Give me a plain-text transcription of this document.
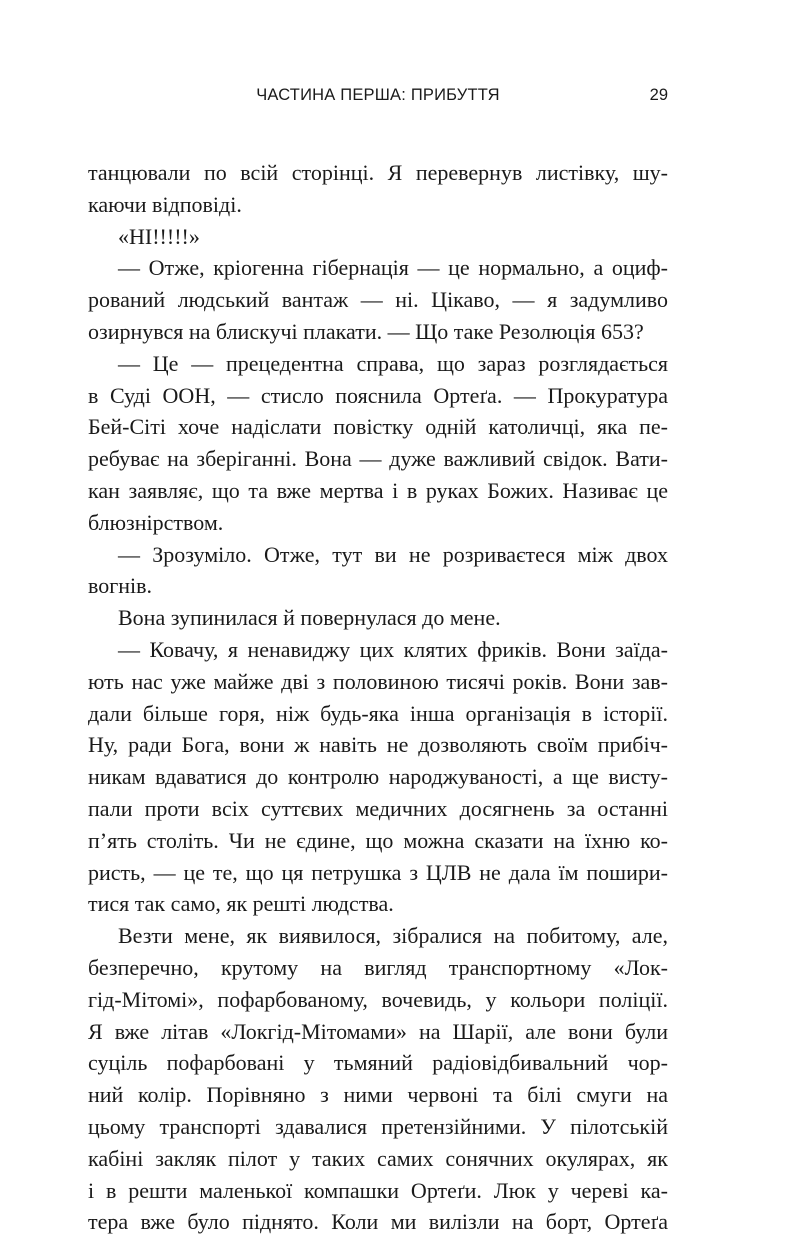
ЧАСТИНА ПЕРША: ПРИБУТТЯ	29
танцювали по всій сторінці. Я перевернув листівку, шу-
каючи відповіді.
«НІ!!!!!»
— Отже, кріогенна гібернація — це нормально, а оциф-
рований людський вантаж — ні. Цікаво, — я задумливо
озирнувся на блискучі плакати. — Що таке Резолюція 653?
— Це — прецедентна справа, що зараз розглядається
в Суді ООН, — стисло пояснила Ортеґа. — Прокуратура
Бей-Сіті хоче надіслати повістку одній католичці, яка пе-
ребуває на зберіганні. Вона — дуже важливий свідок. Вати-
кан заявляє, що та вже мертва і в руках Божих. Називає це
блюзнірством.
— Зрозуміло. Отже, тут ви не розриваєтеся між двох
вогнів.
Вона зупинилася й повернулася до мене.
— Ковачу, я ненавиджу цих клятих фриків. Вони заїда-
ють нас уже майже дві з половиною тисячі років. Вони зав-
дали більше горя, ніж будь-яка інша організація в історії.
Ну, ради Бога, вони ж навіть не дозволяють своїм прибіч-
никам вдаватися до контролю народжуваності, а ще висту-
пали проти всіх суттєвих медичних досягнень за останні
п’ять століть. Чи не єдине, що можна сказати на їхню ко-
ристь, — це те, що ця петрушка з ЦЛВ не дала їм пошири-
тися так само, як решті людства.
Везти мене, як виявилося, зібралися на побитому, але,
безперечно, крутому на вигляд транспортному «Лок-
гід-Мітомі», пофарбованому, вочевидь, у кольори поліції.
Я вже літав «Локгід-Мітомами» на Шарії, але вони були
суціль пофарбовані у тьмяний радіовідбивальний чор-
ний колір. Порівняно з ними червоні та білі смуги на
цьому транспорті здавалися претензійними. У пілотській
кабіні закляк пілот у таких самих сонячних окулярах, як
і в решти маленької компашки Ортеґи. Люк у череві ка-
тера вже було піднято. Коли ми вилізли на борт, Ортеґа
